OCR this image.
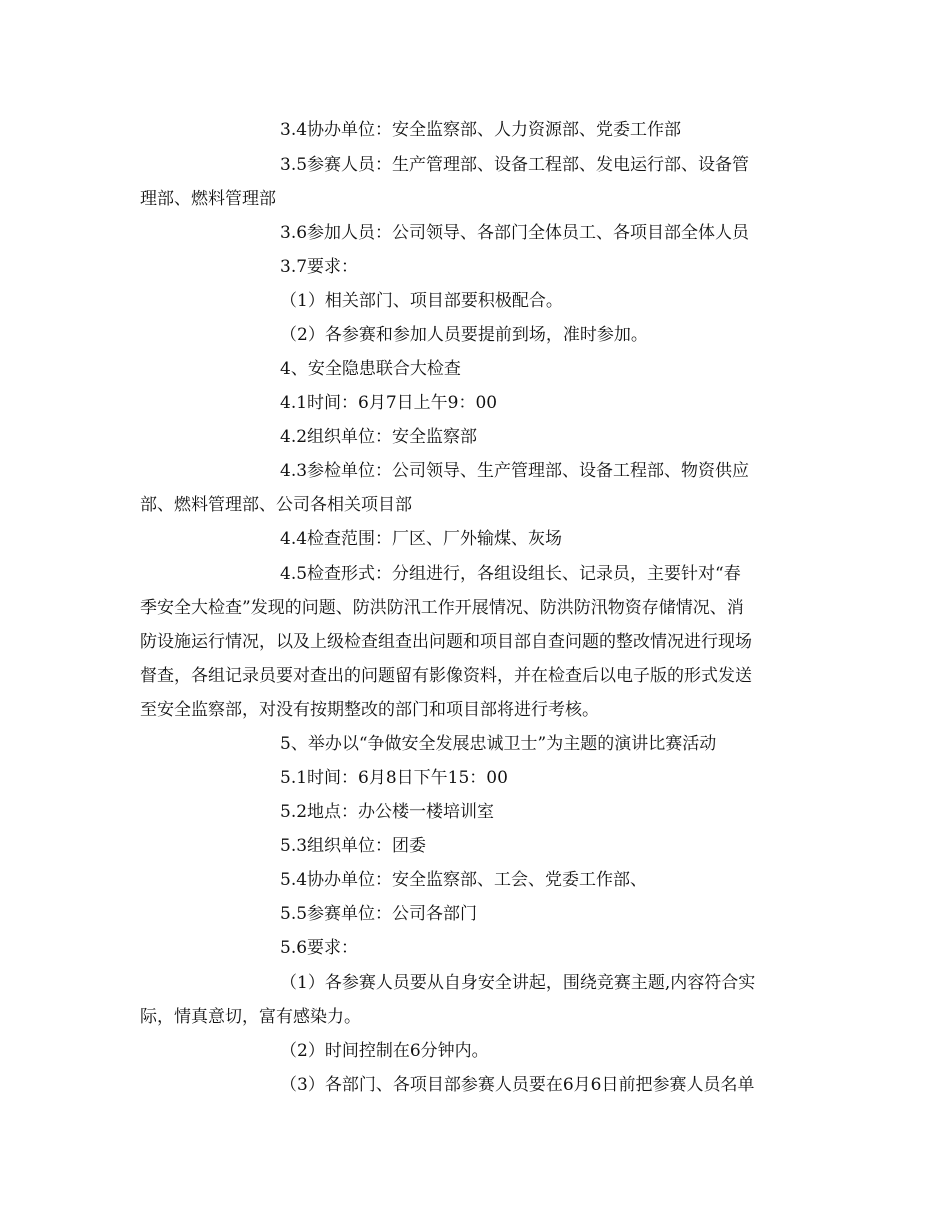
3.4协办单位：安全监察部、人力资源部、党委工作部
3.5参赛人员：生产管理部、设备工程部、发电运行部、设备管
理部、燃料管理部
3.6参加人员：公司领导、各部门全体员工、各项目部全体人员
3.7要求：
（1）相关部门、项目部要积极配合。
（2）各参赛和参加人员要提前到场，准时参加。
4、安全隐患联合大检查
4.1时间：6月7日上午9：00
4.2组织单位：安全监察部
4.3参检单位：公司领导、生产管理部、设备工程部、物资供应
部、燃料管理部、公司各相关项目部
4.4检查范围：厂区、厂外输煤、灰场
4.5检查形式：分组进行，各组设组长、记录员，主要针对“春
季安全大检查”发现的问题、防洪防汛工作开展情况、防洪防汛物资存储情况、消
防设施运行情况，以及上级检查组查出问题和项目部自查问题的整改情况进行现场
督查，各组记录员要对查出的问题留有影像资料，并在检查后以电子版的形式发送
至安全监察部，对没有按期整改的部门和项目部将进行考核。
5、举办以“争做安全发展忠诚卫士”为主题的演讲比赛活动
5.1时间：6月8日下午15：00
5.2地点：办公楼一楼培训室
5.3组织单位：团委
5.4协办单位：安全监察部、工会、党委工作部、
5.5参赛单位：公司各部门
5.6要求：
（1）各参赛人员要从自身安全讲起，围绕竞赛主题,内容符合实
际，情真意切，富有感染力。
（2）时间控制在6分钟内。
（3）各部门、各项目部参赛人员要在6月6日前把参赛人员名单
